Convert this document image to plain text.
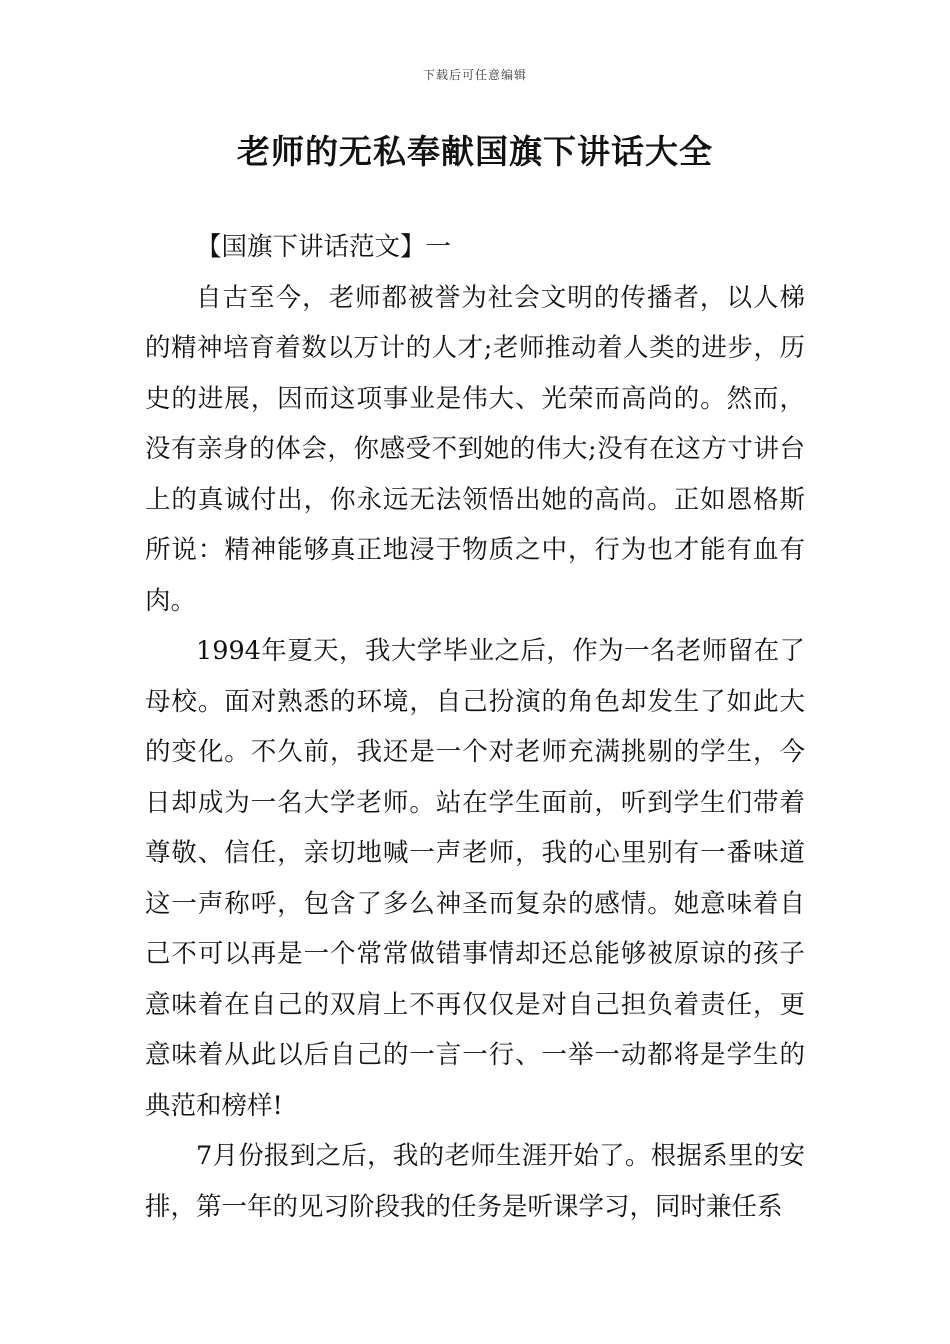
下载后可任意编辑
老师的无私奉献国旗下讲话大全

【国旗下讲话范文】一

自古至今，老师都被誉为社会文明的传播者，以人梯的精神培育着数以万计的人才;老师推动着人类的进步，历史的进展，因而这项事业是伟大、光荣而高尚的。然而，没有亲身的体会，你感受不到她的伟大;没有在这方寸讲台上的真诚付出，你永远无法领悟出她的高尚。正如恩格斯所说：精神能够真正地浸于物质之中，行为也才能有血有肉。

1994年夏天，我大学毕业之后，作为一名老师留在了母校。面对熟悉的环境，自己扮演的角色却发生了如此大的变化。不久前，我还是一个对老师充满挑剔的学生，今日却成为一名大学老师。站在学生面前，听到学生们带着尊敬、信任，亲切地喊一声老师，我的心里别有一番味道这一声称呼，包含了多么神圣而复杂的感情。她意味着自己不可以再是一个常常做错事情却还总能够被原谅的孩子意味着在自己的双肩上不再仅仅是对自己担负着责任，更意味着从此以后自己的一言一行、一举一动都将是学生的典范和榜样!

7月份报到之后，我的老师生涯开始了。根据系里的安排，第一年的见习阶段我的任务是听课学习，同时兼任系
